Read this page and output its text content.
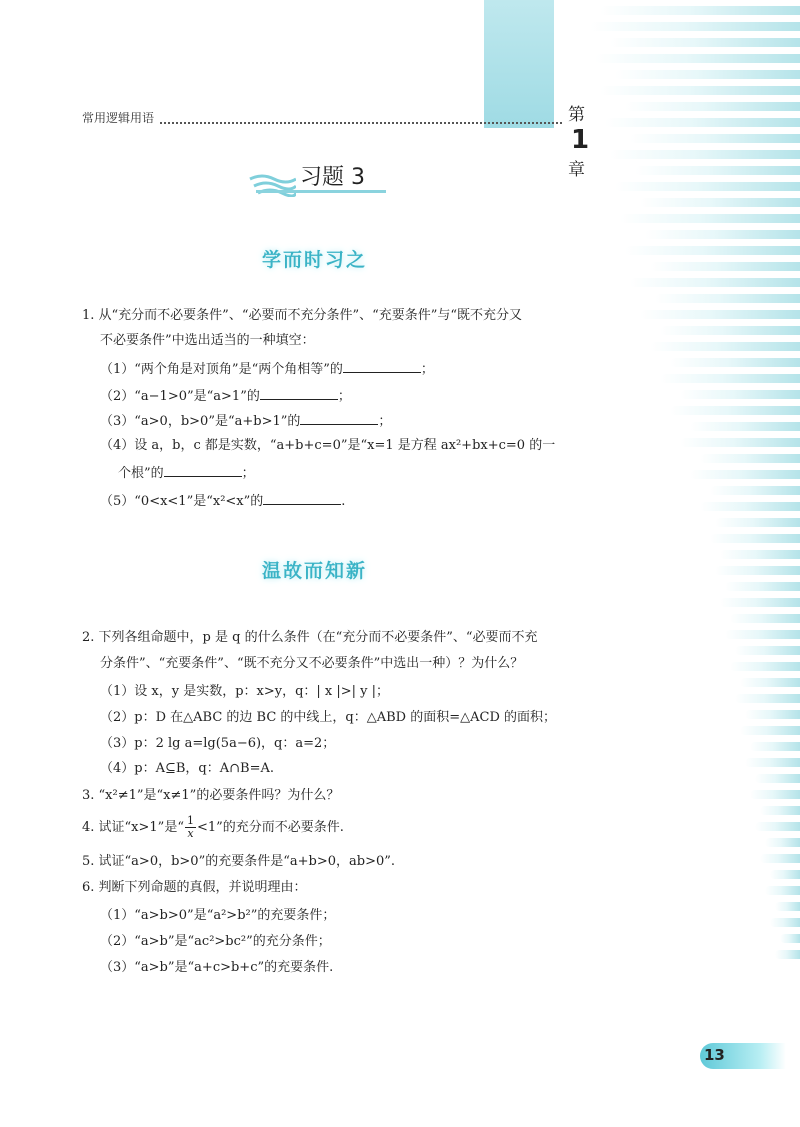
常用逻辑用语	第1章
习题 3
学而时习之
1. 从“充分而不必要条件”、“必要而不充分条件”、“充要条件”与“既不充分又
不必要条件”中选出适当的一种填空：
（1）“两个角是对顶角”是“两个角相等”的	；
（2）“a−1>0”是“a>1”的	；
（3）“a>0，b>0”是“a+b>1”的	；
（4）设 a，b，c 都是实数，“a+b+c=0”是“x=1 是方程 ax²+bx+c=0 的一
个根”的	；
（5）“0<x<1”是“x²<x”的	.
温故而知新
2. 下列各组命题中，p 是 q 的什么条件（在“充分而不必要条件”、“必要而不充
分条件”、“充要条件”、“既不充分又不必要条件”中选出一种）？为什么？
（1）设 x，y 是实数，p：x>y，q：| x |>| y |；
（2）p：D 在△ABC 的边 BC 的中线上，q：△ABD 的面积=△ACD 的面积；
（3）p：2 lg a=lg(5a−6)，q：a=2；
（4）p：A⊆B，q：A∩B=A.
3. “x²≠1”是“x≠1”的必要条件吗？为什么？
4. 试证“x>1”是“ $\frac{1}{x} <1$”的充分而不必要条件.
5. 试证“a>0，b>0”的充要条件是“a+b>0，ab>0”.
6. 判断下列命题的真假，并说明理由：
（1）“a>b>0”是“a²>b²”的充要条件；
（2）“a>b”是“ac²>bc²”的充分条件；
（3）“a>b”是“a+c>b+c”的充要条件.
13
